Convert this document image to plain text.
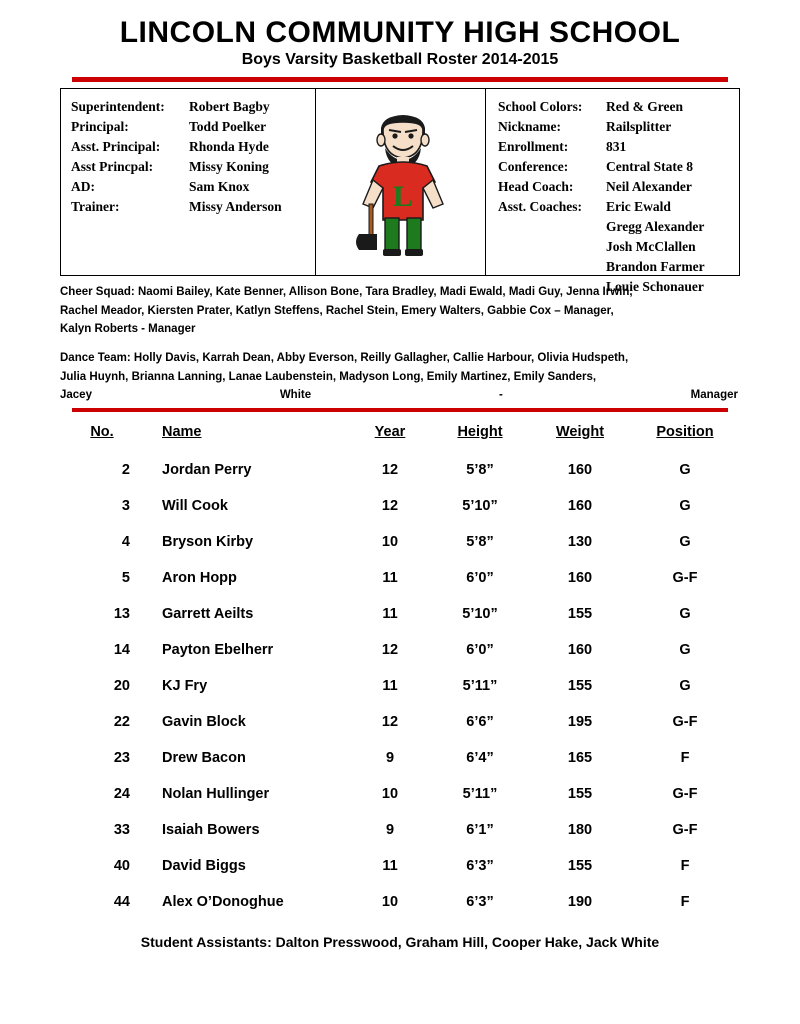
LINCOLN COMMUNITY HIGH SCHOOL
Boys Varsity Basketball Roster 2014-2015
Superintendent:	Robert Bagby
Principal:	Todd Poelker
Asst. Principal:	Rhonda Hyde
Asst Princpal:	Missy Koning
AD:	Sam Knox
Trainer:	Missy Anderson	L
School Colors:	Red & Green
Nickname:	Railsplitter
Enrollment:	831
Conference:	Central State 8
Head Coach:	Neil Alexander
Asst. Coaches:	Eric Ewald
Gregg Alexander
Josh McClallen
Brandon Farmer
Louie Schonauer

Cheer Squad: Naomi Bailey, Kate Benner, Allison Bone, Tara Bradley, Madi Ewald, Madi Guy, Jenna Irwin,

Rachel Meador, Kiersten Prater, Katlyn Steffens, Rachel Stein, Emery Walters, Gabbie Cox – Manager,

Kalyn Roberts - Manager

Dance Team: Holly Davis, Karrah Dean, Abby Everson, Reilly Gallagher, Callie Harbour, Olivia Hudspeth,

Julia Huynh, Brianna Lanning, Lanae Laubenstein, Madyson Long, Emily Martinez, Emily Sanders,

Jacey	White	-	Manager

No.	Name	Year	Height	Weight	Position
2	Jordan Perry	12	5’8”	160	G
3	Will Cook	12	5’10”	160	G
4	Bryson Kirby	10	5’8”	130	G
5	Aron Hopp	11	6’0”	160	G-F
13	Garrett Aeilts	11	5’10”	155	G
14	Payton Ebelherr	12	6’0”	160	G
20	KJ Fry	11	5’11”	155	G
22	Gavin Block	12	6’6”	195	G-F
23	Drew Bacon	9	6’4”	165	F
24	Nolan Hullinger	10	5’11”	155	G-F
33	Isaiah Bowers	9	6’1”	180	G-F
40	David Biggs	11	6’3”	155	F
44	Alex O’Donoghue	10	6’3”	190	F
Student Assistants: Dalton Presswood, Graham Hill, Cooper Hake, Jack White
